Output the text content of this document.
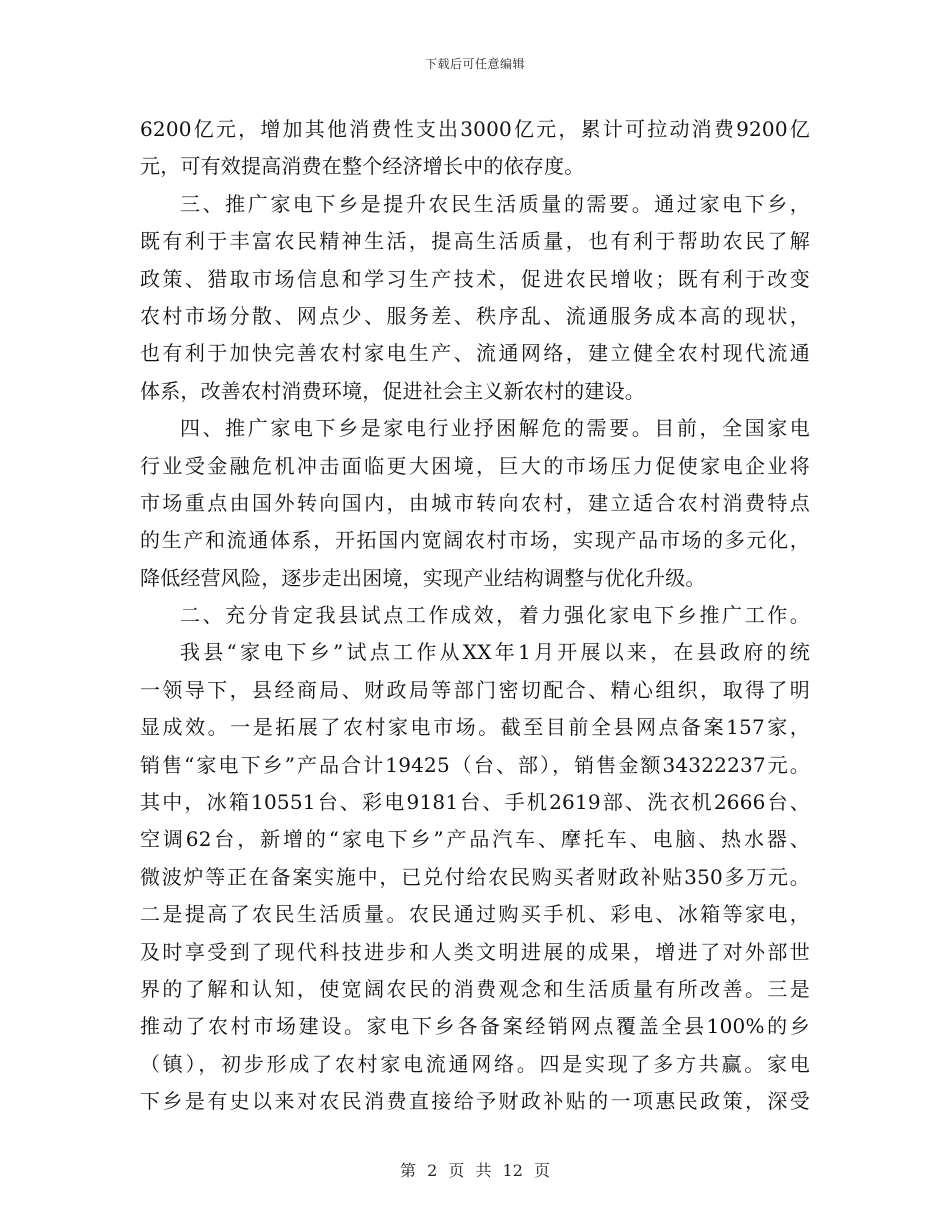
下载后可任意编辑
6200亿元，增加其他消费性支出3000亿元，累计可拉动消费9200亿
元，可有效提高消费在整个经济增长中的依存度。
三、推广家电下乡是提升农民生活质量的需要。通过家电下乡，
既有利于丰富农民精神生活，提高生活质量，也有利于帮助农民了解
政策、猎取市场信息和学习生产技术，促进农民增收；既有利于改变
农村市场分散、网点少、服务差、秩序乱、流通服务成本高的现状，
也有利于加快完善农村家电生产、流通网络，建立健全农村现代流通
体系，改善农村消费环境，促进社会主义新农村的建设。
四、推广家电下乡是家电行业抒困解危的需要。目前，全国家电
行业受金融危机冲击面临更大困境，巨大的市场压力促使家电企业将
市场重点由国外转向国内，由城市转向农村，建立适合农村消费特点
的生产和流通体系，开拓国内宽阔农村市场，实现产品市场的多元化，
降低经营风险，逐步走出困境，实现产业结构调整与优化升级。
二、充分肯定我县试点工作成效，着力强化家电下乡推广工作。
我县“家电下乡”试点工作从XX年1月开展以来，在县政府的统
一领导下，县经商局、财政局等部门密切配合、精心组织，取得了明
显成效。一是拓展了农村家电市场。截至目前全县网点备案157家，
销售“家电下乡”产品合计19425（台、部），销售金额34322237元。
其中，冰箱10551台、彩电9181台、手机2619部、洗衣机2666台、
空调62台，新增的“家电下乡”产品汽车、摩托车、电脑、热水器、
微波炉等正在备案实施中，已兑付给农民购买者财政补贴350多万元。
二是提高了农民生活质量。农民通过购买手机、彩电、冰箱等家电，
及时享受到了现代科技进步和人类文明进展的成果，增进了对外部世
界的了解和认知，使宽阔农民的消费观念和生活质量有所改善。三是
推动了农村市场建设。家电下乡各备案经销网点覆盖全县100%的乡
（镇），初步形成了农村家电流通网络。四是实现了多方共赢。家电
下乡是有史以来对农民消费直接给予财政补贴的一项惠民政策，深受
第 2 页 共 12 页
